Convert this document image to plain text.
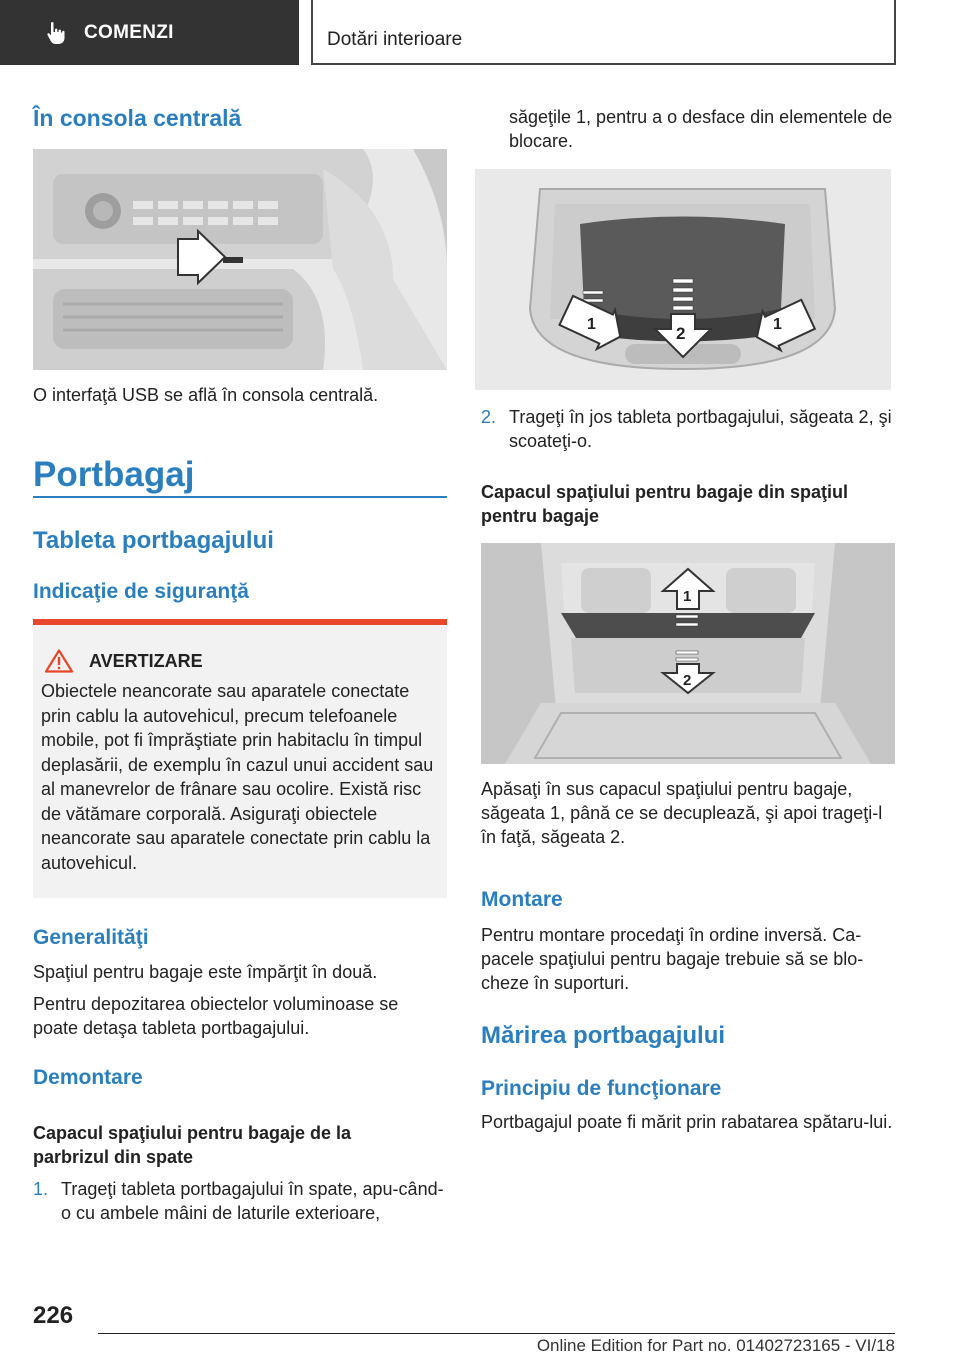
COMENZI	Dotări interioare
În consola centrală
O interfaţă USB se află în consola centrală.
Portbagaj
Tableta portbagajului
Indicaţie de siguranţă
AVERTIZARE
Obiectele neancorate sau aparatele conectate prin cablu la autovehicul, precum telefoanele mobile, pot fi împrăştiate prin habitaclu în timpul deplasării, de exemplu în cazul unui accident sau al manevrelor de frânare sau ocolire. Există risc de vătămare corporală. Asiguraţi obiectele neancorate sau aparatele conectate prin cablu la autovehicul.
Generalităţi
Spaţiul pentru bagaje este împărţit în două.
Pentru depozitarea obiectelor voluminoase se poate detaşa tableta portbagajului.
Demontare
Capacul spaţiului pentru bagaje de la parbrizul din spate
1. Trageţi tableta portbagajului în spate, apu-când-o cu ambele mâini de laturile exterioare,
săgeţile 1, pentru a o desface din elementele de blocare.
1	2	1
2. Trageţi în jos tableta portbagajului, săgeata 2, şi scoateţi-o.
Capacul spaţiului pentru bagaje din spaţiul pentru bagaje
1
2
Apăsaţi în sus capacul spaţiului pentru bagaje, săgeata 1, până ce se decuplează, şi apoi trageţi-l în faţă, săgeata 2.
Montare
Pentru montare procedaţi în ordine inversă. Ca-pacele spaţiului pentru bagaje trebuie să se blo-cheze în suporturi.
Mărirea portbagajului
Principiu de funcţionare
Portbagajul poate fi mărit prin rabatarea spătaru-lui.
226
Online Edition for Part no. 01402723165 - VI/18
